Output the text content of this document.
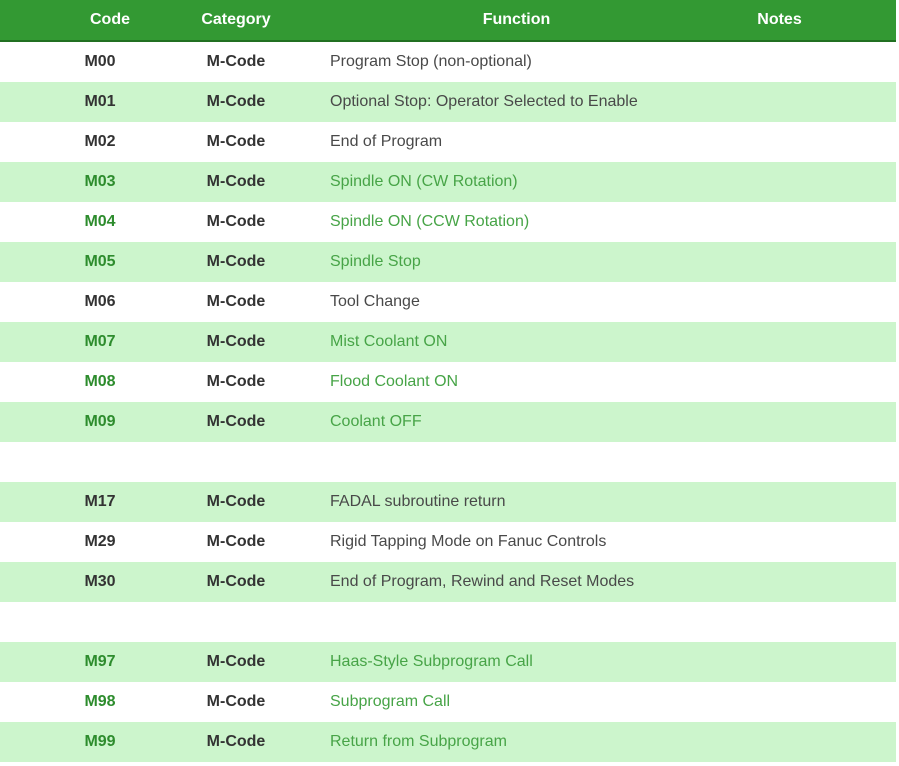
Code	Category	Function	Notes
M00	M-Code	Program Stop (non-optional)	
M01	M-Code	Optional Stop: Operator Selected to Enable	
M02	M-Code	End of Program	
M03	M-Code	Spindle ON (CW Rotation)	
M04	M-Code	Spindle ON (CCW Rotation)	
M05	M-Code	Spindle Stop	
M06	M-Code	Tool Change	
M07	M-Code	Mist Coolant ON	
M08	M-Code	Flood Coolant ON	
M09	M-Code	Coolant OFF	

M17	M-Code	FADAL subroutine return	
M29	M-Code	Rigid Tapping Mode on Fanuc Controls	
M30	M-Code	End of Program, Rewind and Reset Modes	

M97	M-Code	Haas-Style Subprogram Call	
M98	M-Code	Subprogram Call	
M99	M-Code	Return from Subprogram	
